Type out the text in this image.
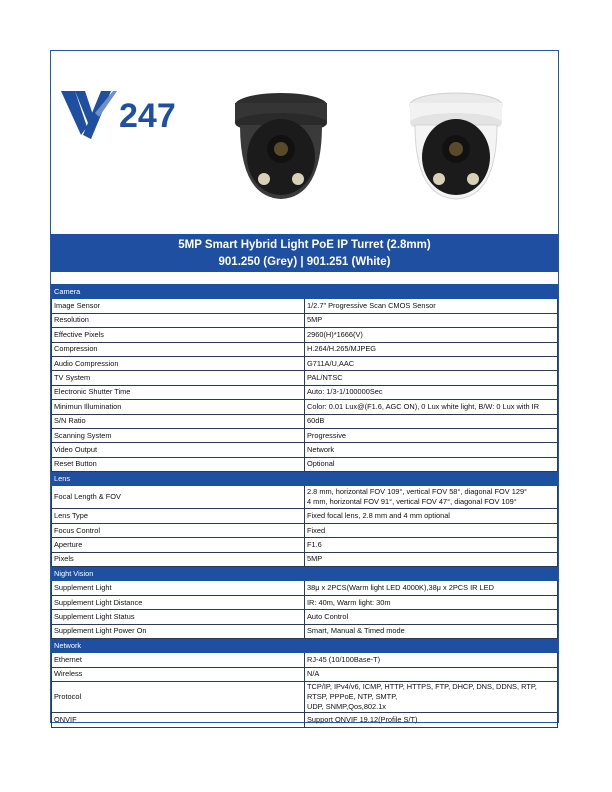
247
5MP Smart Hybrid Light PoE IP Turret (2.8mm)
901.250 (Grey) | 901.251 (White)
Camera	
Image Sensor	1/2.7" Progressive Scan CMOS Sensor
Resolution	5MP
Effective Pixels	2960(H)*1666(V)
Compression	H.264/H.265/MJPEG
Audio Compression	G711A/U,AAC
TV System	PAL/NTSC
Electronic Shutter Time	Auto: 1/3-1/100000Sec
Minimun Illumination	Color: 0.01 Lux@(F1.6, AGC ON), 0 Lux white light, B/W: 0 Lux with IR
S/N Ratio	60dB
Scanning System	Progressive
Video Output	Network
Reset Button	Optional
Lens	
Focal Length & FOV	2.8 mm, horizontal FOV 109°, vertical FOV 58°, diagonal FOV 129°
4 mm, horizontal FOV 91°, vertical FOV 47°, diagonal FOV 109°

Lens Type	Fixed focal lens, 2.8 mm and 4 mm optional
Focus Control	Fixed
Aperture	F1.6
Pixels	5MP
Night Vision	
Supplement Light	38μ x 2PCS(Warm light LED 4000K),38μ x 2PCS IR LED
Supplement Light Distance	IR: 40m, Warm light: 30m
Supplement Light Status	Auto Control
Supplement Light Power On	Smart, Manual & Timed mode
Network	
Ethernet	RJ-45 (10/100Base-T)
Wireless	N/A
Protocol	TCP/IP, IPv4/v6, ICMP, HTTP, HTTPS, FTP, DHCP, DNS, DDNS, RTP, RTSP, PPPoE, NTP, SMTP,
UDP, SNMP,Qos,802.1x

ONVIF	Support ONVIF 19.12(Profile S/T)
